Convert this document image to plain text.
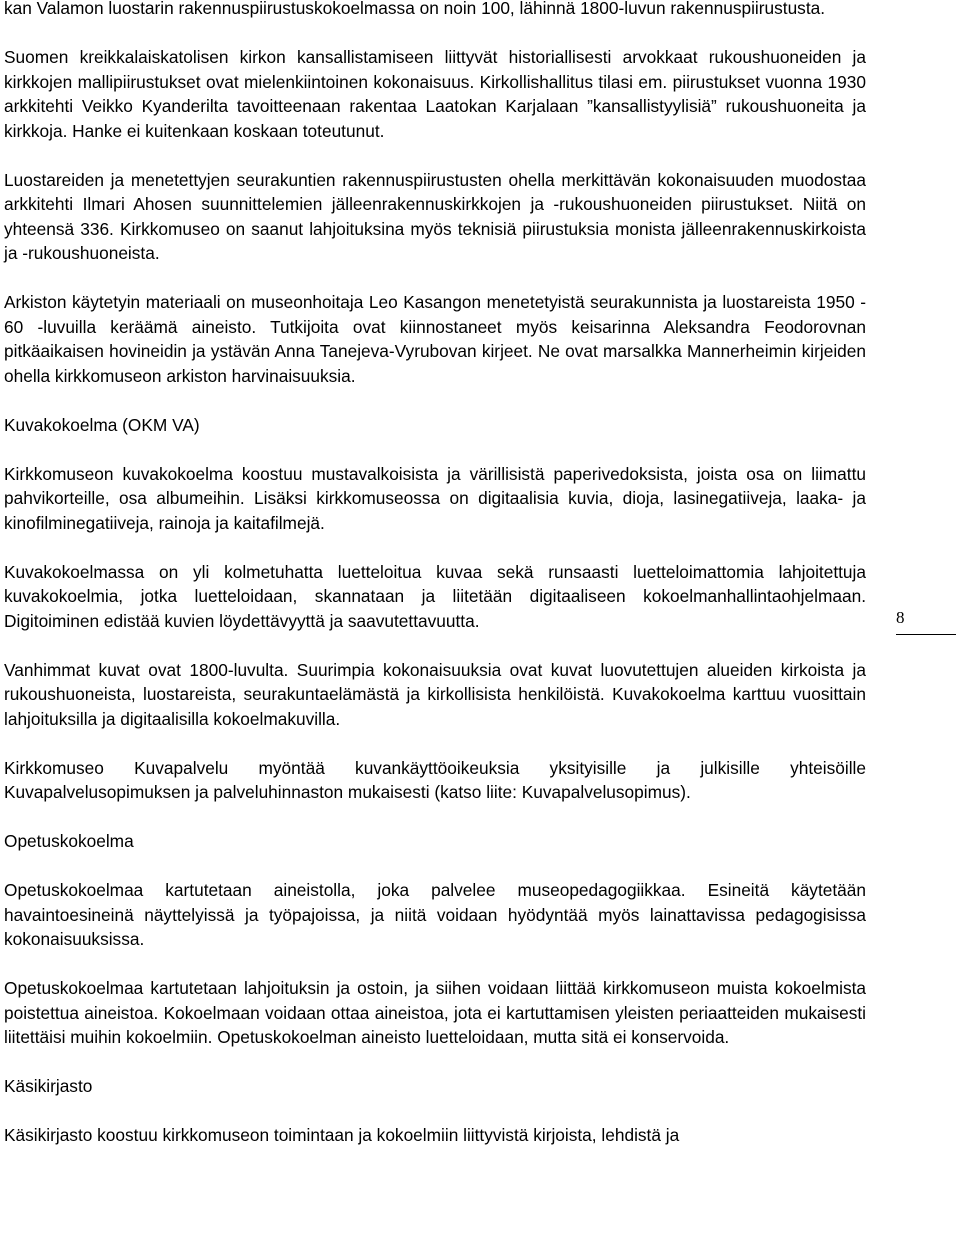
kan Valamon luostarin rakennuspiirustuskokoelmassa on noin 100, lähinnä 1800-luvun rakennuspiirustusta.

Suomen kreikkalaiskatolisen kirkon kansallistamiseen liittyvät historiallisesti arvokkaat rukoushuoneiden ja kirkkojen mallipiirustukset ovat mielenkiintoinen kokonaisuus. Kirkollishallitus tilasi em. piirustukset vuonna 1930 arkkitehti Veikko Kyanderilta tavoitteenaan rakentaa Laatokan Karjalaan ”kansallistyylisiä” rukoushuoneita ja kirkkoja. Hanke ei kuitenkaan koskaan toteutunut.

Luostareiden ja menetettyjen seurakuntien rakennuspiirustusten ohella merkittävän kokonaisuuden muodostaa arkkitehti Ilmari Ahosen suunnittelemien jälleenrakennuskirkkojen ja -rukoushuoneiden piirustukset. Niitä on yhteensä 336. Kirkkomuseo on saanut lahjoituksina myös teknisiä piirustuksia monista jälleenrakennuskirkoista ja -rukoushuoneista.

Arkiston käytetyin materiaali on museonhoitaja Leo Kasangon menetetyistä seurakunnista ja luostareista 1950 - 60 -luvuilla keräämä aineisto. Tutkijoita ovat kiinnostaneet myös keisarinna Aleksandra Feodorovnan pitkäaikaisen hovineidin ja ystävän Anna Tanejeva-Vyrubovan kirjeet. Ne ovat marsalkka Mannerheimin kirjeiden ohella kirkkomuseon arkiston harvinaisuuksia.

Kuvakokoelma (OKM VA)

Kirkkomuseon kuvakokoelma koostuu mustavalkoisista ja värillisistä paperivedoksista, joista osa on liimattu pahvikorteille, osa albumeihin. Lisäksi kirkkomuseossa on digitaalisia kuvia, dioja, lasinegatiiveja, laaka- ja kinofilminegatiiveja, rainoja ja kaitafilmejä.

Kuvakokoelmassa on yli kolmetuhatta luetteloitua kuvaa sekä runsaasti luetteloimattomia lahjoitettuja kuvakokoelmia, jotka luetteloidaan, skannataan ja liitetään digitaaliseen kokoelmanhallintaohjelmaan. Digitoiminen edistää kuvien löydettävyyttä ja saavutettavuutta.

Vanhimmat kuvat ovat 1800-luvulta. Suurimpia kokonaisuuksia ovat kuvat luovutettujen alueiden kirkoista ja rukoushuoneista, luostareista, seurakuntaelämästä ja kirkollisista henkilöistä. Kuvakokoelma karttuu vuosittain lahjoituksilla ja digitaalisilla kokoelmakuvilla.

Kirkkomuseo Kuvapalvelu myöntää kuvankäyttöoikeuksia yksityisille ja julkisille yhteisöille Kuvapalvelusopimuksen ja palveluhinnaston mukaisesti (katso liite: Kuvapalvelusopimus).

Opetuskokoelma

Opetuskokoelmaa kartutetaan aineistolla, joka palvelee museopedagogiikkaa. Esineitä käytetään havaintoesineinä näyttelyissä ja työpajoissa, ja niitä voidaan hyödyntää myös lainattavissa pedagogisissa kokonaisuuksissa.

Opetuskokoelmaa kartutetaan lahjoituksin ja ostoin, ja siihen voidaan liittää kirkkomuseon muista kokoelmista poistettua aineistoa. Kokoelmaan voidaan ottaa aineistoa, jota ei kartuttamisen yleisten periaatteiden mukaisesti liitettäisi muihin kokoelmiin. Opetuskokoelman aineisto luetteloidaan, mutta sitä ei konservoida.

Käsikirjasto

Käsikirjasto koostuu kirkkomuseon toimintaan ja kokoelmiin liittyvistä kirjoista, lehdistä ja

8
